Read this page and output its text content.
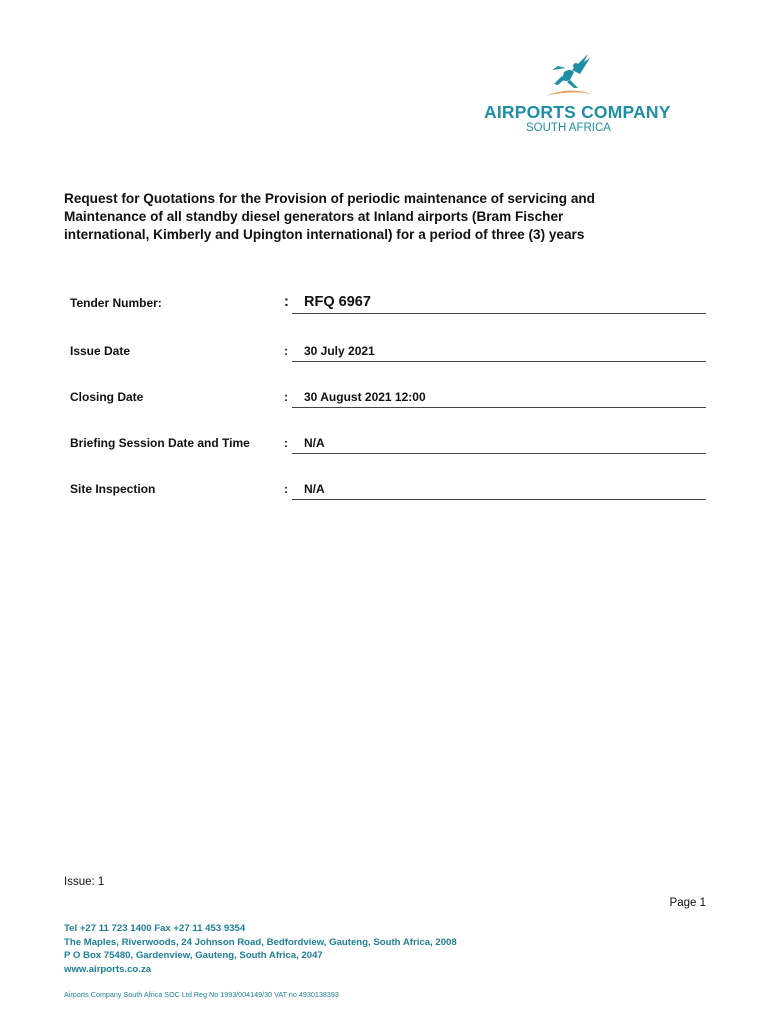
AIRPORTS COMPANY
SOUTH AFRICA
Request for Quotations for the Provision of periodic maintenance of servicing and
Maintenance of all standby diesel generators at Inland airports (Bram Fischer
international, Kimberly and Upington international) for a period of three (3) years
Tender Number:	:	RFQ 6967
Issue Date	:	30 July 2021
Closing Date	:	30 August 2021 12:00
Briefing Session Date and Time	:	N/A
Site Inspection	:	N/A
Issue: 1
Page 1
Tel +27 11 723 1400 Fax +27 11 453 9354
The Maples, Riverwoods, 24 Johnson Road, Bedfordview, Gauteng, South Africa, 2008
P O Box 75480, Gardenview, Gauteng, South Africa, 2047
www.airports.co.za
Airports Company South Africa SOC Ltd Reg No 1993/004149/30 VAT no 4930138393
